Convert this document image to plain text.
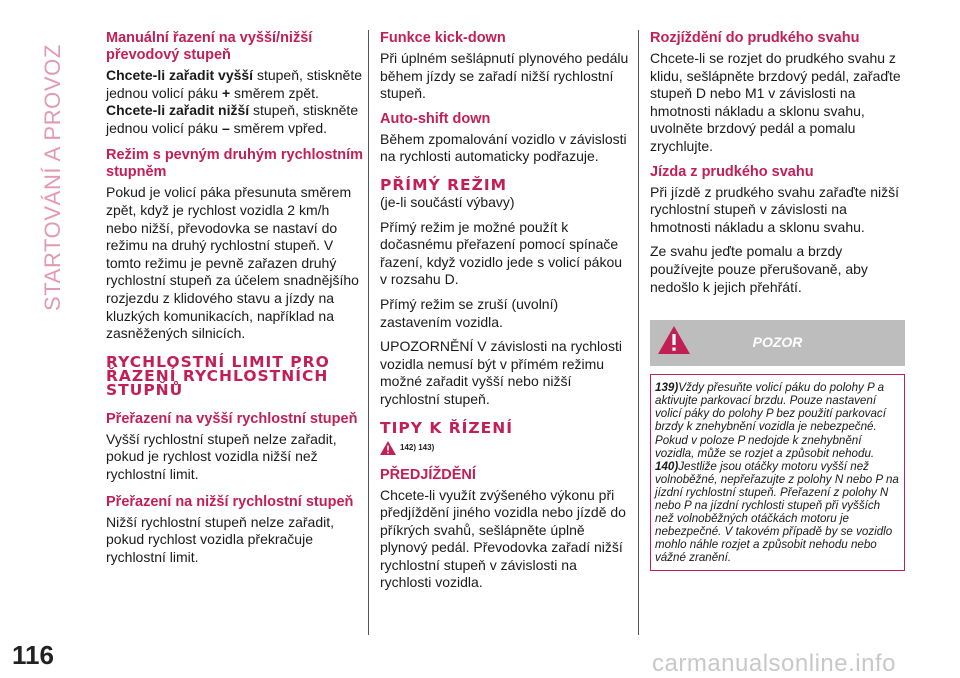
STARTOVÁNÍ A PROVOZ
Manuální řazení na vyšší/nižší převodový stupeň

Chcete-li zařadit vyšší stupeň, stiskněte jednou volicí páku + směrem zpět. Chcete-li zařadit nižší stupeň, stiskněte jednou volicí páku – směrem vpřed.

Režim s pevným druhým rychlostním stupněm

Pokud je volicí páka přesunuta směrem zpět, když je rychlost vozidla 2 km/h nebo nižší, převodovka se nastaví do režimu na druhý rychlostní stupeň. V tomto režimu je pevně zařazen druhý rychlostní stupeň za účelem snadnějšího rozjezdu z klidového stavu a jízdy na kluzkých komunikacích, například na zasněžených silnicích.

RYCHLOSTNÍ LIMIT PRO ŘAZENÍ RYCHLOSTNÍCH STUPŇŮ
Přeřazení na vyšší rychlostní stupeň

Vyšší rychlostní stupeň nelze zařadit, pokud je rychlost vozidla nižší než rychlostní limit.

Přeřazení na nižší rychlostní stupeň

Nižší rychlostní stupeň nelze zařadit, pokud rychlost vozidla překračuje rychlostní limit.

Funkce kick-down

Při úplném sešlápnutí plynového pedálu během jízdy se zařadí nižší rychlostní stupeň.

Auto-shift down

Během zpomalování vozidlo v závislosti na rychlosti automaticky podřazuje.

PŘÍMÝ REŽIM

(je-li součástí výbavy)

Přímý režim je možné použít k dočasnému přeřazení pomocí spínače řazení, když vozidlo jede s volicí pákou v rozsahu D.

Přímý režim se zruší (uvolní) zastavením vozidla.

UPOZORNĚNÍ V závislosti na rychlosti vozidla nemusí být v přímém režimu možné zařadit vyšší nebo nižší rychlostní stupeň.

TIPY K ŘÍZENÍ
142) 143)
PŘEDJÍŽDĚNÍ

Chcete-li využít zvýšeného výkonu při předjíždění jiného vozidla nebo jízdě do příkrých svahů, sešlápněte úplně plynový pedál. Převodovka zařadí nižší rychlostní stupeň v závislosti na rychlosti vozidla.

Rozjíždění do prudkého svahu

Chcete-li se rozjet do prudkého svahu z klidu, sešlápněte brzdový pedál, zařaďte stupeň D nebo M1 v závislosti na hmotnosti nákladu a sklonu svahu, uvolněte brzdový pedál a pomalu zrychlujte.

Jízda z prudkého svahu

Při jízdě z prudkého svahu zařaďte nižší rychlostní stupeň v závislosti na hmotnosti nákladu a sklonu svahu.

Ze svahu jeďte pomalu a brzdy používejte pouze přerušovaně, aby nedošlo k jejich přehřátí.

POZOR

139)Vždy přesuňte volicí páku do polohy P a aktivujte parkovací brzdu. Pouze nastavení volicí páky do polohy P bez použití parkovací brzdy k znehybnění vozidla je nebezpečné. Pokud v poloze P nedojde k znehybnění vozidla, může se rozjet a způsobit nehodu.

140)Jestliže jsou otáčky motoru vyšší než volnoběžné, nepřeřazujte z polohy N nebo P na jízdní rychlostní stupeň. Přeřazení z polohy N nebo P na jízdní rychlosti stupeň při vyšších než volnoběžných otáčkách motoru je nebezpečné. V takovém případě by se vozidlo mohlo náhle rozjet a způsobit nehodu nebo vážné zranění.

116	carmanualsonline.info
